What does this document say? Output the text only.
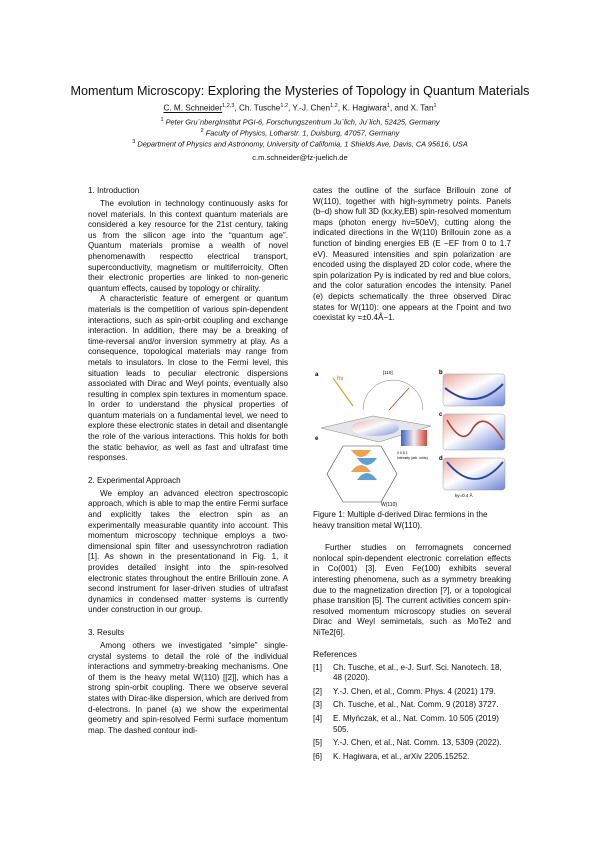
Momentum Microscopy: Exploring the Mysteries of Topology in Quantum Materials
C. M. Schneider$^{1,2,3}$, Ch. Tusche$^{1,2}$, Y.-J. Chen$^{1,2}$, K. Hagiwara$^1$, and X. Tan$^1$
$^1$ Peter Gru¨nbergInstitut PGI-6, Forschungszentrum Ju¨lich, Ju¨lich, 52425, Germany
$^2$ Faculty of Physics, Lotharstr. 1, Duisburg, 47057, Germany
$^3$ Department of Physics and Astronomy, University of Califomia, 1 Shields Ave, Davis, CA 95616, USA
c.m.schneider@fz-juelich.de
1. Introduction

The evolution in technology continuously asks for novel materials. In this context quantum materials are considered a key resource for the 21st century, taking us from the silicon age into the “quantum age”. Quantum materials promise a wealth of novel phenomenawith respectto electrical transport, superconductivity, magnetism or multiferroicity. Often their electronic properties are linked to non-generic quantum effects, caused by topology or chirality.

A characteristic feature of emergent or quantum materials is the competition of various spin-dependent interactions, such as spin-orbit coupling and exchange interaction. In addition, there may be a breaking of time-reversal and/or inversion symmetry at play. As a consequence, topological materials may range from metals to insulators. In close to the Fermi level, this situation leads to peculiar electronic dispersions associated with Dirac and Weyl points, eventually also resulting in complex spin textures in momentum space. In order to understand the physical properties of quantum materials on a fundamental level, we need to explore these electronic states in detail and disentangle the role of the various interactions. This holds for both the static behavior, as well as fast and ultrafast time responses.

2. Experimental Approach

We employ an advanced electron spectroscopic approach, which is able to map the entire Fermi surface and explicitly takes the electron spin as an experimentally measurable quantity into account. This momentum microscopy technique employs a two-dimensional spin filter and usessynchrotron radiation [1]. As shown in the presentationand in Fig. 1, it provides detailed insight into the spin-resolved electronic states throughout the entire Brillouin zone. A second instrument for laser-driven studies of ultrafast dynamics in condensed matter systems is currently under construction in our group.

3. Results

Among others we investigated “simple” single-crystal systems to detail the role of the individual interactions and symmetry-breaking mechanisms. One of them is the heavy metal W(110) [[2]], which has a strong spin-orbit coupling. There we observe several states with Dirac-like dispersion, which are derived from d-electrons. In panel (a) we show the experimental geometry and spin-resolved Fermi surface momentum map. The dashed contour indi-

cates the outline of the surface Brillouin zone of W(110), together with high-symmetry points. Panels (b–d) show full 3D (kx,ky,EB) spin-resolved momentum maps (photon energy hν=50eV), cutting along the indicated directions in the W(110) Brillouin zone as a function of binding energies EB (E −EF from 0 to 1.7 eV). Measured intensities and spin polarization are encoded using the displayed 2D color code, where the spin polarization Py is indicated by red and blue colors, and the color saturation encodes the intensity. Panel (e) depicts schematically the three observed Dirac states for W(110): one appears at the Γpoint and two coexistat ky =±0.4Å−1.

a
hν
[110]
0 0.5 1
Intensity (arb. units)
e
W(110)
b
c
d
ky=0.4 Å

Figure 1: Multiple d-derived Dirac fermions in the heavy transition metal W(110).

Further studies on ferromagnets concerned nonlocal spin-dependent electronic correlation effects in Co(001) [3]. Even Fe(100) exhibits several interesting phenomena, such as a symmetry breaking due to the magnetization direction [?], or a topological phase transition [5]. The current activities concem spin-resolved momentum microscopy studies on several Dirac and Weyl semimetals, such as MoTe2 and NiTe2[6].

References
[1]	Ch. Tusche, et al., e-J. Surf. Sci. Nanotech. 18, 48 (2020).
[2]	Y.-J. Chen, et al., Comm. Phys. 4 (2021) 179.
[3]	Ch. Tusche, et al., Nat. Comm. 9 (2018) 3727.
[4]	E. Młyńczak, et al., Nat. Comm. 10 505 (2019) 505.
[5]	Y.-J. Chen, et al., Nat. Comm. 13, 5309 (2022).
[6]	K. Hagiwara, et al., arXiv 2205.15252.
